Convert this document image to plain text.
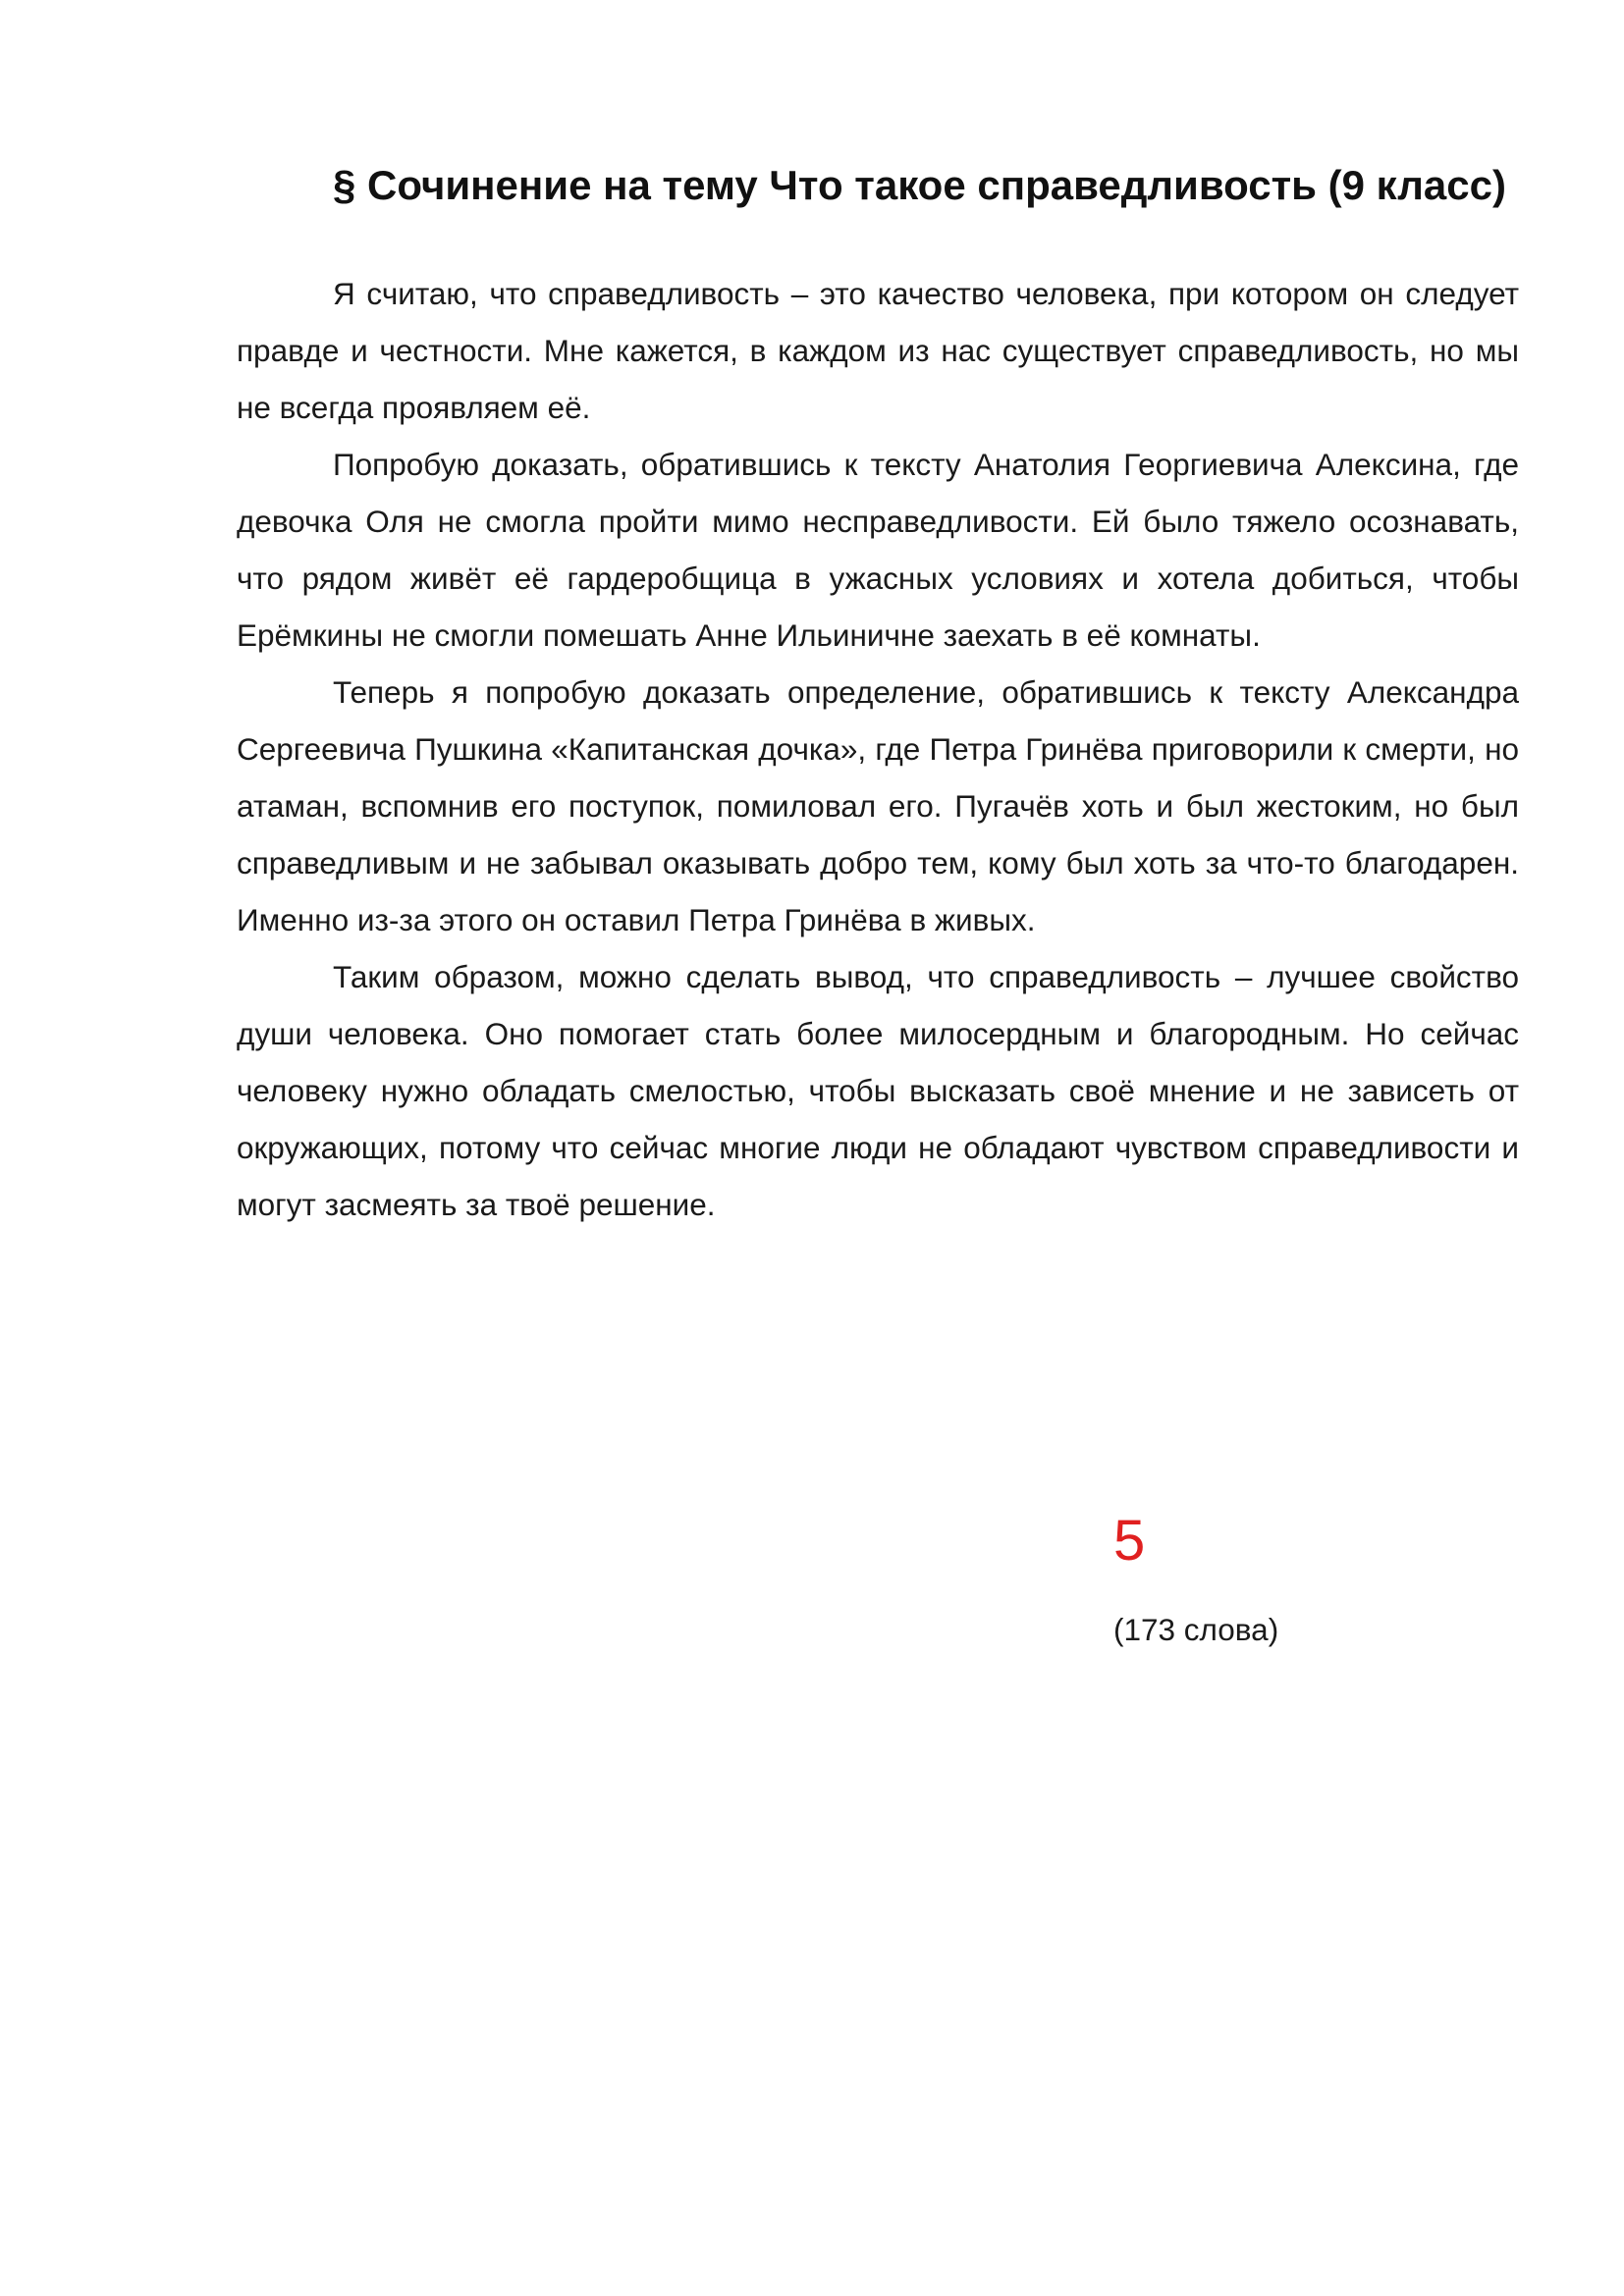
§ Сочинение на тему Что такое справедливость (9 класс)

Я считаю, что справедливость – это качество человека, при котором он следует правде и честности. Мне кажется, в каждом из нас существует справедливость, но мы не всегда проявляем её.

Попробую доказать, обратившись к тексту Анатолия Георгиевича Алексина, где девочка Оля не смогла пройти мимо несправедливости. Ей было тяжело осознавать, что рядом живёт её гардеробщица в ужасных условиях и хотела добиться, чтобы Ерёмкины не смогли помешать Анне Ильиничне заехать в её комнаты.

Теперь я попробую доказать определение, обратившись к тексту Александра Сергеевича Пушкина «Капитанская дочка», где Петра Гринёва приговорили к смерти, но атаман, вспомнив его поступок, помиловал его. Пугачёв хоть и был жестоким, но был справедливым и не забывал оказывать добро тем, кому был хоть за что-то благодарен. Именно из-за этого он оставил Петра Гринёва в живых.

Таким образом, можно сделать вывод, что справедливость – лучшее свойство души человека. Оно помогает стать более милосердным и благородным. Но сейчас человеку нужно обладать смелостью, чтобы высказать своё мнение и не зависеть от окружающих, потому что сейчас многие люди не обладают чувством справедливости и могут засмеять за твоё решение.

5
(173 слова)
